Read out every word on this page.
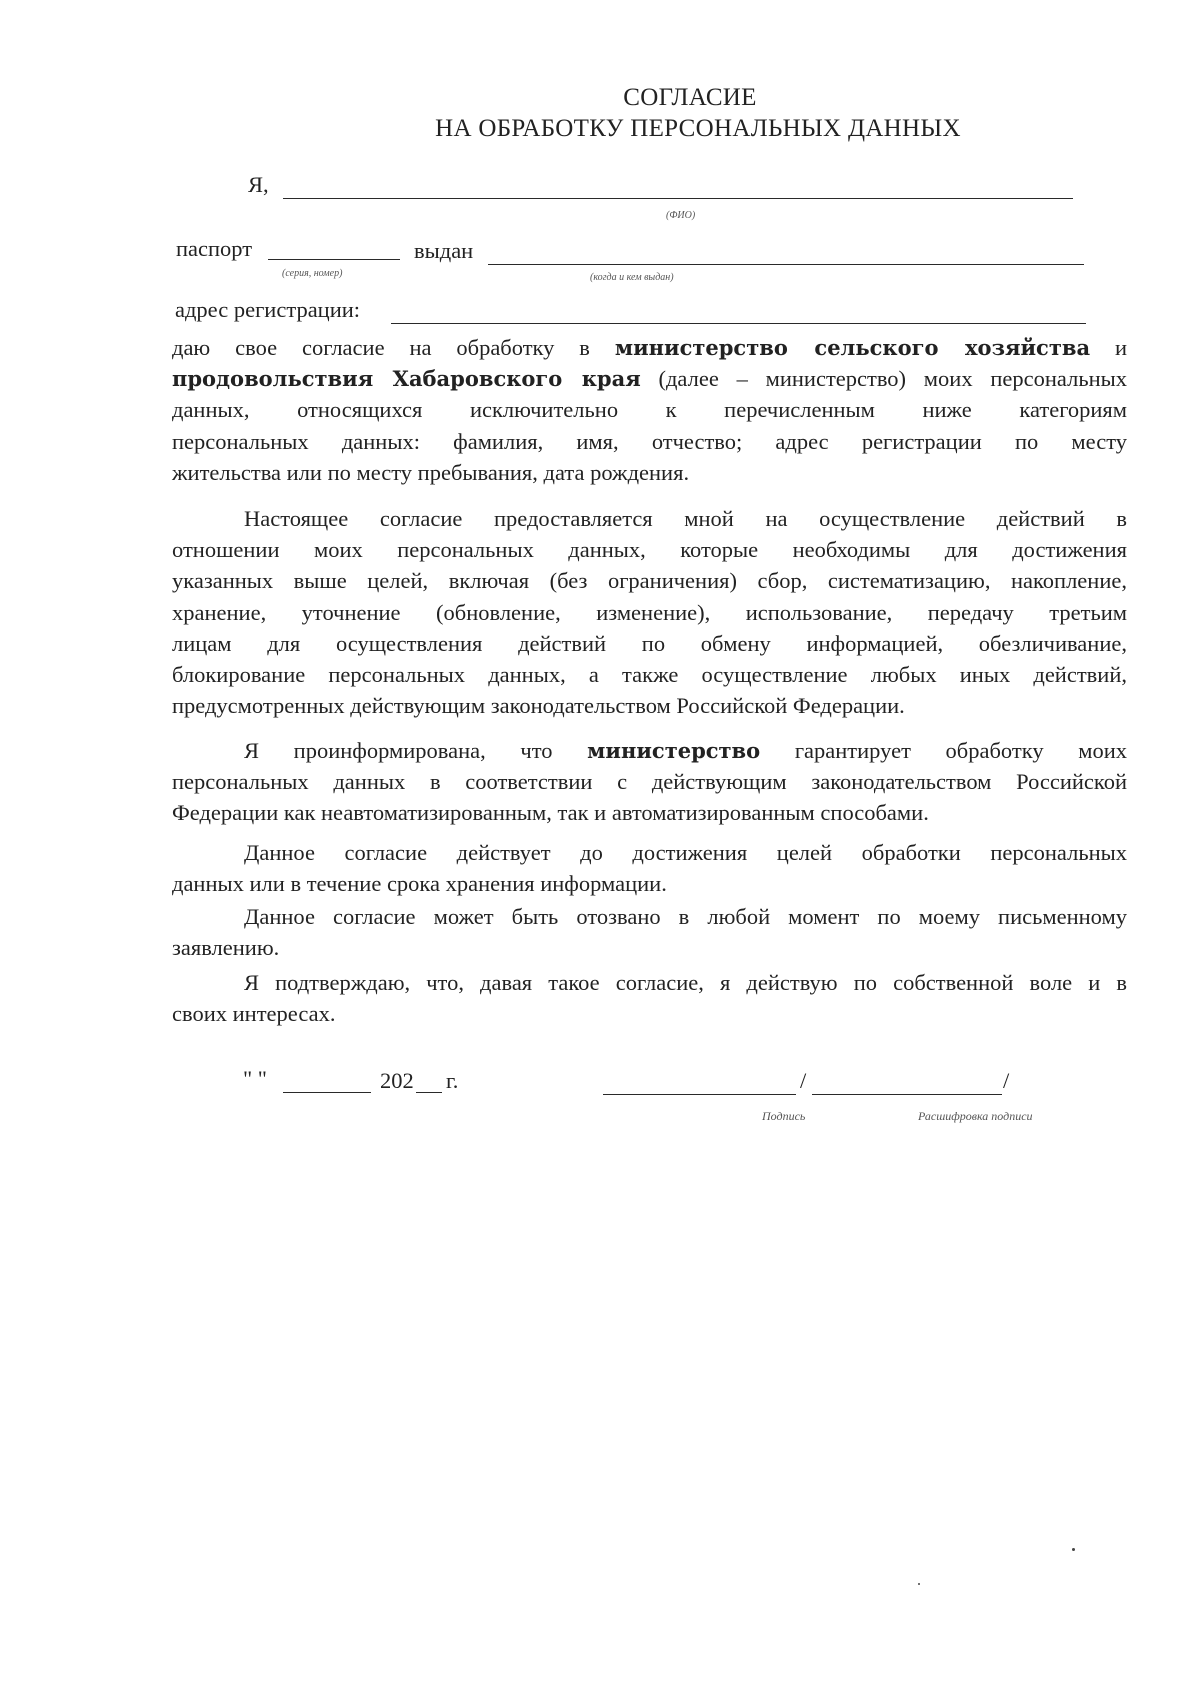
СОГЛАСИЕ
НА ОБРАБОТКУ ПЕРСОНАЛЬНЫХ ДАННЫХ
Я,
(ФИО)
паспорт	выдан
(серия, номер)	(когда и кем выдан)
адрес регистрации:
даю свое согласие на обработку в министерство сельского хозяйства и
продовольствия Хабаровского края (далее – министерство) моих персональных
данных, относящихся исключительно к перечисленным ниже категориям
персональных данных: фамилия, имя, отчество; адрес регистрации по месту
жительства или по месту пребывания, дата рождения.
Настоящее согласие предоставляется мной на осуществление действий в
отношении моих персональных данных, которые необходимы для достижения
указанных выше целей, включая (без ограничения) сбор, систематизацию, накопление,
хранение, уточнение (обновление, изменение), использование, передачу третьим
лицам для осуществления действий по обмену информацией, обезличивание,
блокирование персональных данных, а также осуществление любых иных действий,
предусмотренных действующим законодательством Российской Федерации.
Я проинформирована, что министерство гарантирует обработку моих
персональных данных в соответствии с действующим законодательством Российской
Федерации как неавтоматизированным, так и автоматизированным способами.
Данное согласие действует до достижения целей обработки персональных
данных или в течение срока хранения информации.
Данное согласие может быть отозвано в любой момент по моему письменному
заявлению.
Я подтверждаю, что, давая такое согласие, я действую по собственной воле и в
своих интересах.
" "	202 г.	/	/
Подпись	Расшифровка подписи
